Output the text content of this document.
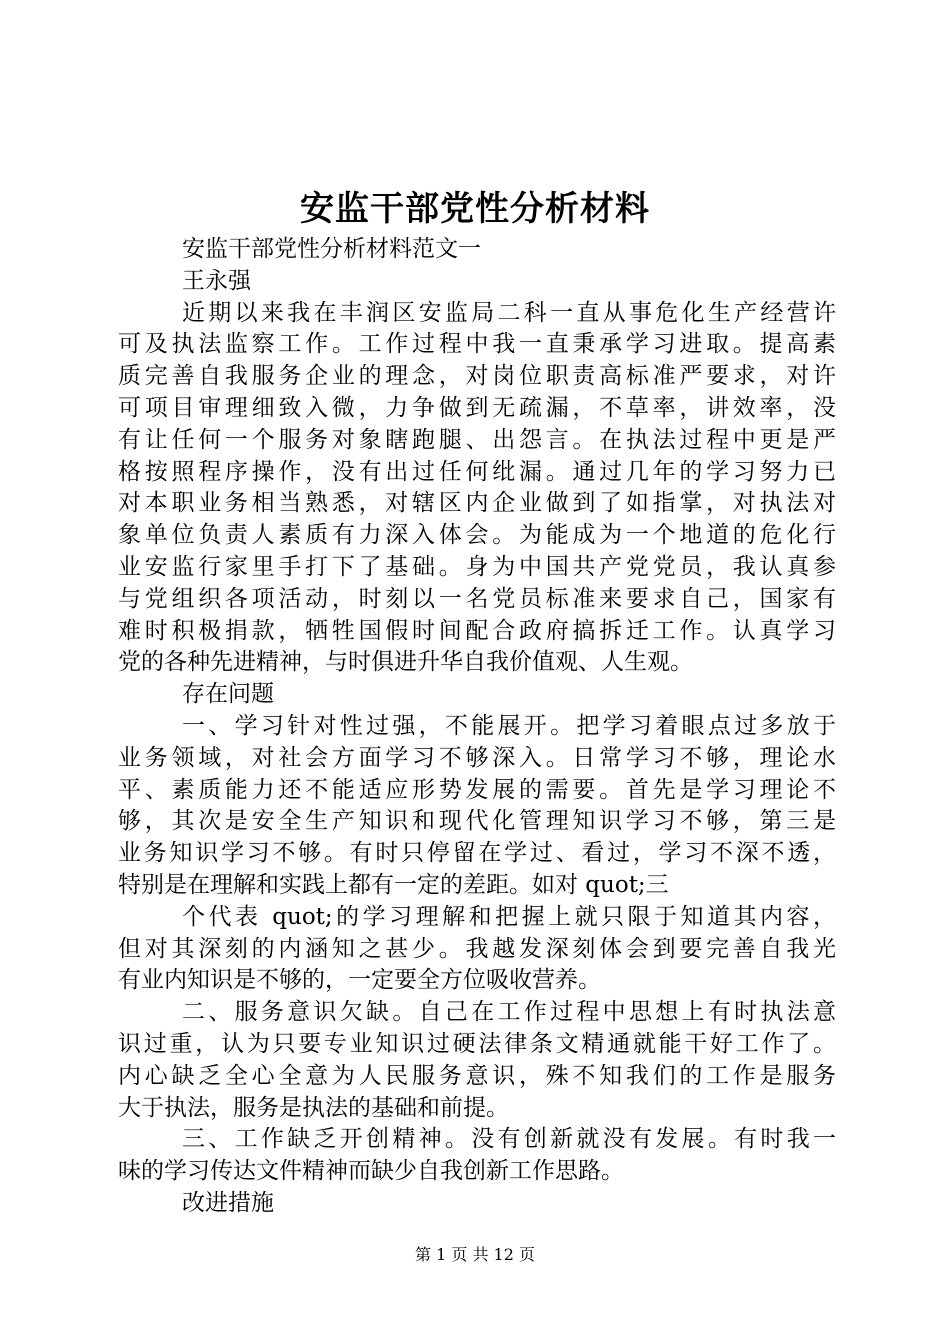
安监干部党性分析材料
安监干部党性分析材料范文一
王永强
近期以来我在丰润区安监局二科一直从事危化生产经营许
可及执法监察工作。工作过程中我一直秉承学习进取。提高素
质完善自我服务企业的理念，对岗位职责高标准严要求，对许
可项目审理细致入微，力争做到无疏漏，不草率，讲效率，没
有让任何一个服务对象瞎跑腿、出怨言。在执法过程中更是严
格按照程序操作，没有出过任何纰漏。通过几年的学习努力已
对本职业务相当熟悉，对辖区内企业做到了如指掌，对执法对
象单位负责人素质有力深入体会。为能成为一个地道的危化行
业安监行家里手打下了基础。身为中国共产党党员，我认真参
与党组织各项活动，时刻以一名党员标准来要求自己，国家有
难时积极捐款，牺牲国假时间配合政府搞拆迁工作。认真学习
党的各种先进精神，与时俱进升华自我价值观、人生观。
存在问题
一、学习针对性过强，不能展开。把学习着眼点过多放于
业务领域，对社会方面学习不够深入。日常学习不够，理论水
平、素质能力还不能适应形势发展的需要。首先是学习理论不
够，其次是安全生产知识和现代化管理知识学习不够，第三是
业务知识学习不够。有时只停留在学过、看过，学习不深不透，
特别是在理解和实践上都有一定的差距。如对 quot;三
个代表 quot;的学习理解和把握上就只限于知道其内容，
但对其深刻的内涵知之甚少。我越发深刻体会到要完善自我光
有业内知识是不够的，一定要全方位吸收营养。
二、服务意识欠缺。自己在工作过程中思想上有时执法意
识过重，认为只要专业知识过硬法律条文精通就能干好工作了。
内心缺乏全心全意为人民服务意识，殊不知我们的工作是服务
大于执法，服务是执法的基础和前提。
三、工作缺乏开创精神。没有创新就没有发展。有时我一
味的学习传达文件精神而缺少自我创新工作思路。
改进措施
第 1 页 共 12 页
